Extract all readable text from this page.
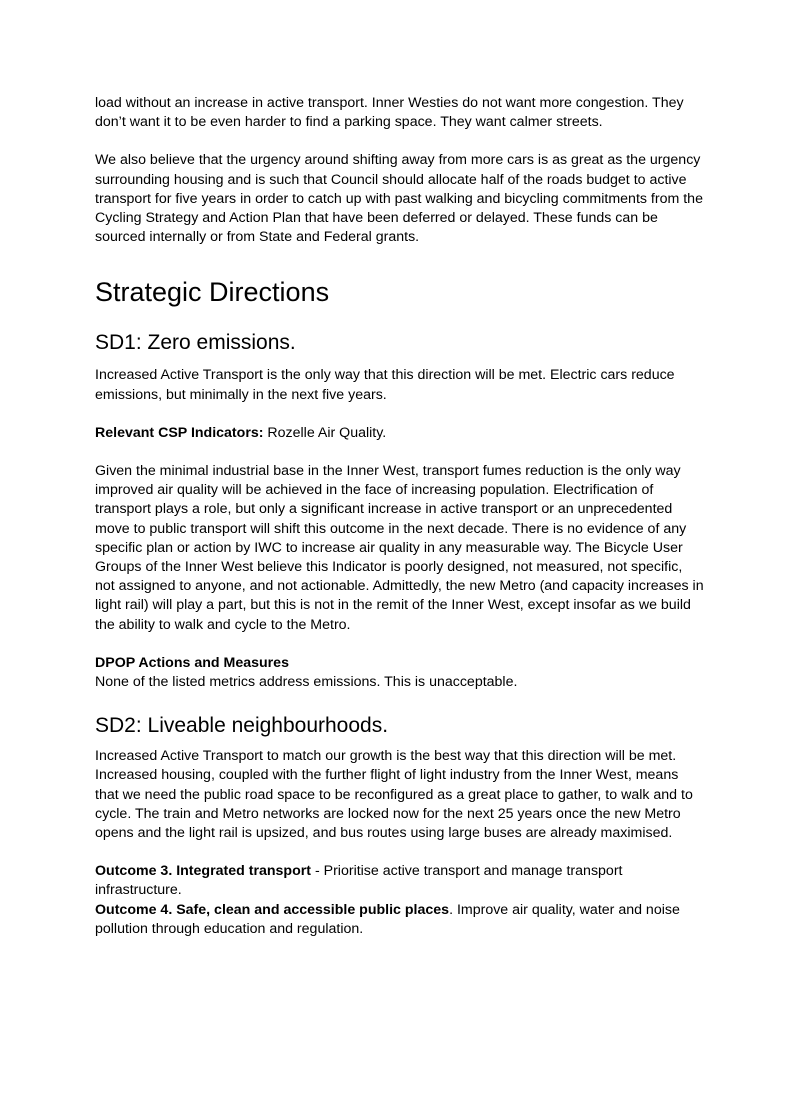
load without an increase in active transport. Inner Westies do not want more congestion. They don’t want it to be even harder to find a parking space. They want calmer streets.

We also believe that the urgency around shifting away from more cars is as great as the urgency surrounding housing and is such that Council should allocate half of the roads budget to active transport for five years in order to catch up with past walking and bicycling commitments from the Cycling Strategy and Action Plan that have been deferred or delayed. These funds can be sourced internally or from State and Federal grants.

Strategic Directions
SD1: Zero emissions.

Increased Active Transport is the only way that this direction will be met. Electric cars reduce emissions, but minimally in the next five years.

Relevant CSP Indicators: Rozelle Air Quality.

Given the minimal industrial base in the Inner West, transport fumes reduction is the only way improved air quality will be achieved in the face of increasing population. Electrification of transport plays a role, but only a significant increase in active transport or an unprecedented move to public transport will shift this outcome in the next decade. There is no evidence of any specific plan or action by IWC to increase air quality in any measurable way. The Bicycle User Groups of the Inner West believe this Indicator is poorly designed, not measured, not specific, not assigned to anyone, and not actionable. Admittedly, the new Metro (and capacity increases in light rail) will play a part, but this is not in the remit of the Inner West, except insofar as we build the ability to walk and cycle to the Metro.

DPOP Actions and Measures

None of the listed metrics address emissions. This is unacceptable.

SD2: Liveable neighbourhoods.

Increased Active Transport to match our growth is the best way that this direction will be met. Increased housing, coupled with the further flight of light industry from the Inner West, means that we need the public road space to be reconfigured as a great place to gather, to walk and to cycle. The train and Metro networks are locked now for the next 25 years once the new Metro opens and the light rail is upsized, and bus routes using large buses are already maximised.

Outcome 3. Integrated transport - Prioritise active transport and manage transport infrastructure.

Outcome 4. Safe, clean and accessible public places. Improve air quality, water and noise pollution through education and regulation.
